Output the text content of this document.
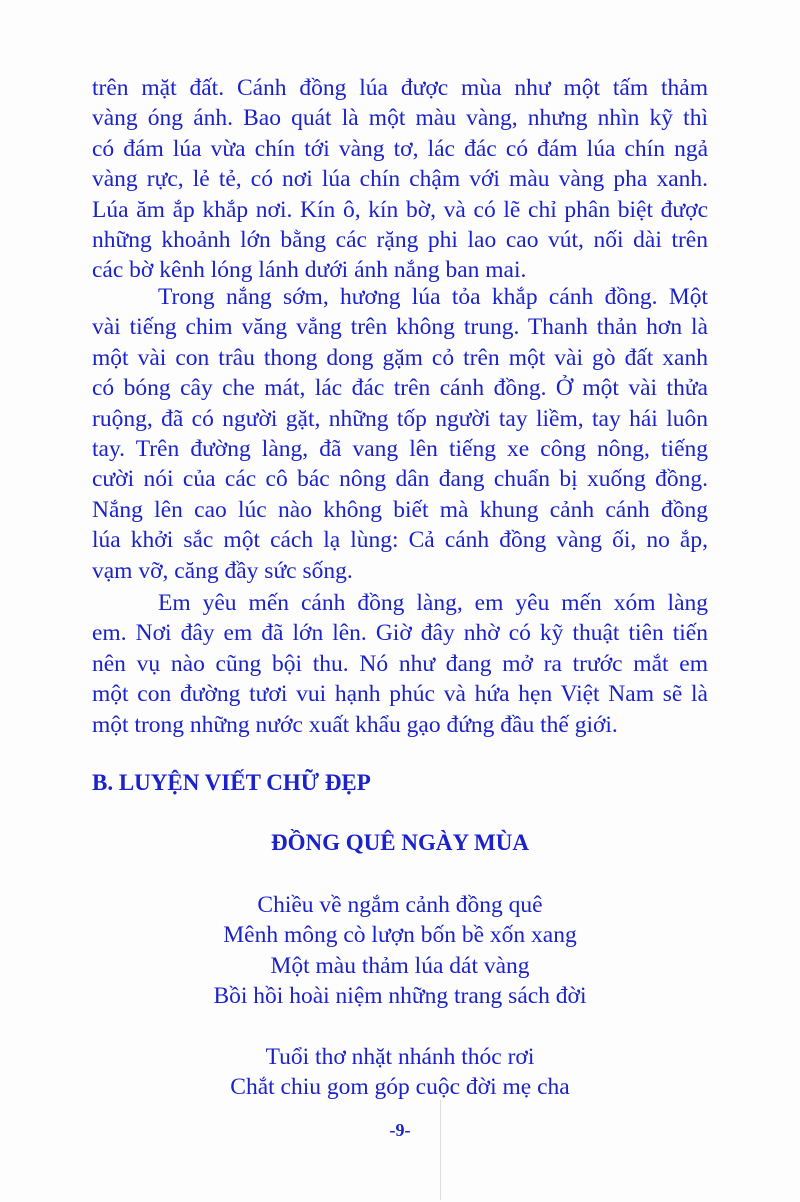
trên mặt đất. Cánh đồng lúa được mùa như một tấm thảm
vàng óng ánh. Bao quát là một màu vàng, nhưng nhìn kỹ thì
có đám lúa vừa chín tới vàng tơ, lác đác có đám lúa chín ngả
vàng rực, lẻ tẻ, có nơi lúa chín chậm với màu vàng pha xanh.
Lúa ăm ắp khắp nơi. Kín ô, kín bờ, và có lẽ chỉ phân biệt được
những khoảnh lớn bằng các rặng phi lao cao vút, nối dài trên
các bờ kênh lóng lánh dưới ánh nắng ban mai.
Trong nắng sớm, hương lúa tỏa khắp cánh đồng. Một
vài tiếng chim văng vẳng trên không trung. Thanh thản hơn là
một vài con trâu thong dong gặm cỏ trên một vài gò đất xanh
có bóng cây che mát, lác đác trên cánh đồng. Ở một vài thửa
ruộng, đã có người gặt, những tốp người tay liềm, tay hái luôn
tay. Trên đường làng, đã vang lên tiếng xe công nông, tiếng
cười nói của các cô bác nông dân đang chuẩn bị xuống đồng.
Nắng lên cao lúc nào không biết mà khung cảnh cánh đồng
lúa khởi sắc một cách lạ lùng: Cả cánh đồng vàng ối, no ắp,
vạm vỡ, căng đầy sức sống.
Em yêu mến cánh đồng làng, em yêu mến xóm làng
em. Nơi đây em đã lớn lên. Giờ đây nhờ có kỹ thuật tiên tiến
nên vụ nào cũng bội thu. Nó như đang mở ra trước mắt em
một con đường tươi vui hạnh phúc và hứa hẹn Việt Nam sẽ là
một trong những nước xuất khẩu gạo đứng đầu thế giới.
B. LUYỆN VIẾT CHỮ ĐẸP
ĐỒNG QUÊ NGÀY MÙA
Chiều về ngắm cảnh đồng quê
Mênh mông cò lượn bốn bề xốn xang
Một màu thảm lúa dát vàng
Bồi hồi hoài niệm những trang sách đời
Tuổi thơ nhặt nhánh thóc rơi
Chắt chiu gom góp cuộc đời mẹ cha
-9-
